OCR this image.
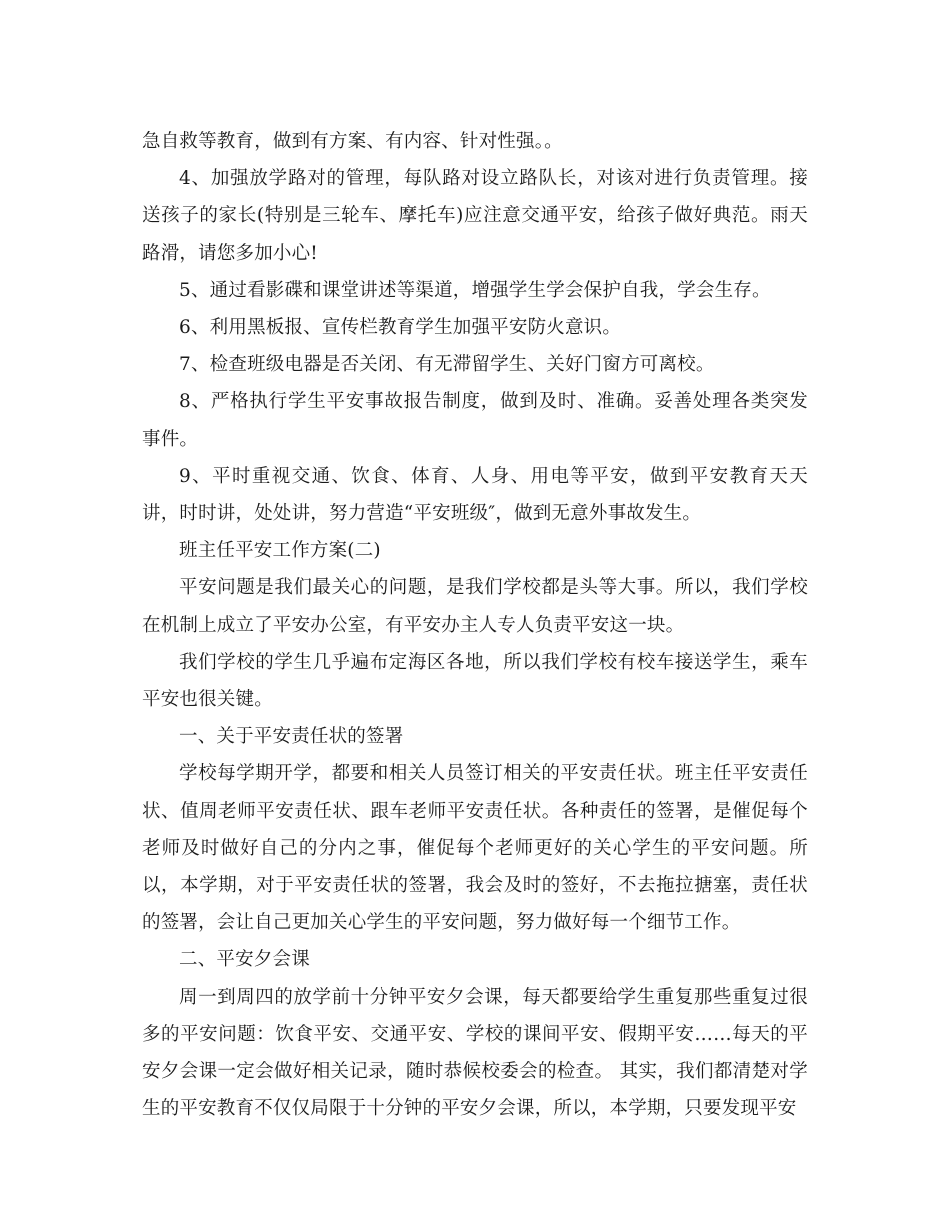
急自救等教育，做到有方案、有内容、针对性强。。

4、加强放学路对的管理，每队路对设立路队长，对该对进行负责管理。接送孩子的家长(特别是三轮车、摩托车)应注意交通平安，给孩子做好典范。雨天路滑，请您多加小心!

5、通过看影碟和课堂讲述等渠道，增强学生学会保护自我，学会生存。

6、利用黑板报、宣传栏教育学生加强平安防火意识。

7、检查班级电器是否关闭、有无滞留学生、关好门窗方可离校。

8、严格执行学生平安事故报告制度，做到及时、准确。妥善处理各类突发事件。

9、平时重视交通、饮食、体育、人身、用电等平安，做到平安教育天天讲，时时讲，处处讲，努力营造“平安班级″，做到无意外事故发生。

班主任平安工作方案(二)

平安问题是我们最关心的问题，是我们学校都是头等大事。所以，我们学校在机制上成立了平安办公室，有平安办主人专人负责平安这一块。

我们学校的学生几乎遍布定海区各地，所以我们学校有校车接送学生，乘车平安也很关键。

一、关于平安责任状的签署

学校每学期开学，都要和相关人员签订相关的平安责任状。班主任平安责任状、值周老师平安责任状、跟车老师平安责任状。各种责任的签署，是催促每个老师及时做好自己的分内之事，催促每个老师更好的关心学生的平安问题。所以，本学期，对于平安责任状的签署，我会及时的签好，不去拖拉搪塞，责任状的签署，会让自己更加关心学生的平安问题，努力做好每一个细节工作。

二、平安夕会课

周一到周四的放学前十分钟平安夕会课，每天都要给学生重复那些重复过很多的平安问题：饮食平安、交通平安、学校的课间平安、假期平安……每天的平安夕会课一定会做好相关记录，随时恭候校委会的检查。 其实，我们都清楚对学生的平安教育不仅仅局限于十分钟的平安夕会课，所以，本学期，只要发现平安
